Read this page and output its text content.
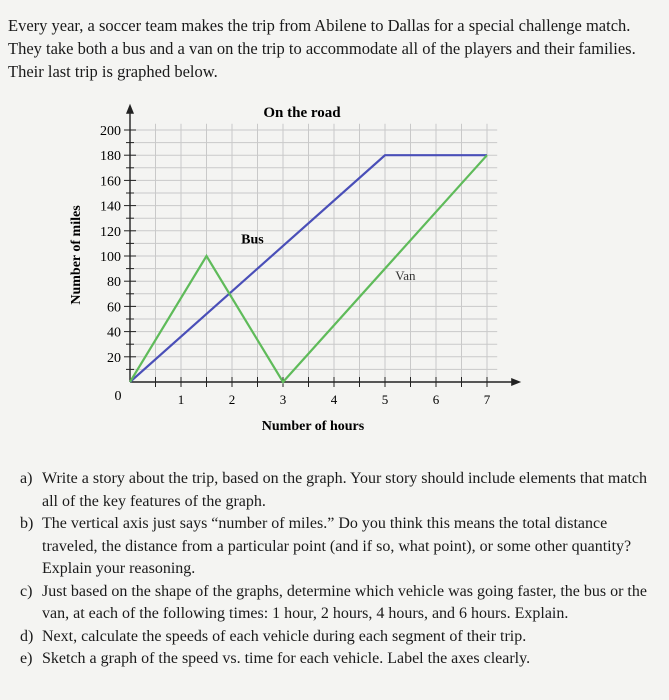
Every year, a soccer team makes the trip from Abilene to Dallas for a special challenge match. They take both a bus and a van on the trip to accommodate all of the players and their families. Their last trip is graphed below.
20
40
60
80
100
120
140
160
180
200
1	2	3	4	5	6	7
0
Bus
Van
On the road
Number of hours
Number of miles
a) Write a story about the trip, based on the graph. Your story should include elements that match all of the key features of the graph.
b) The vertical axis just says “number of miles.” Do you think this means the total distance traveled, the distance from a particular point (and if so, what point), or some other quantity? Explain your reasoning.
c) Just based on the shape of the graphs, determine which vehicle was going faster, the bus or the van, at each of the following times: 1 hour, 2 hours, 4 hours, and 6 hours. Explain.
d) Next, calculate the speeds of each vehicle during each segment of their trip.
e) Sketch a graph of the speed vs. time for each vehicle. Label the axes clearly.
